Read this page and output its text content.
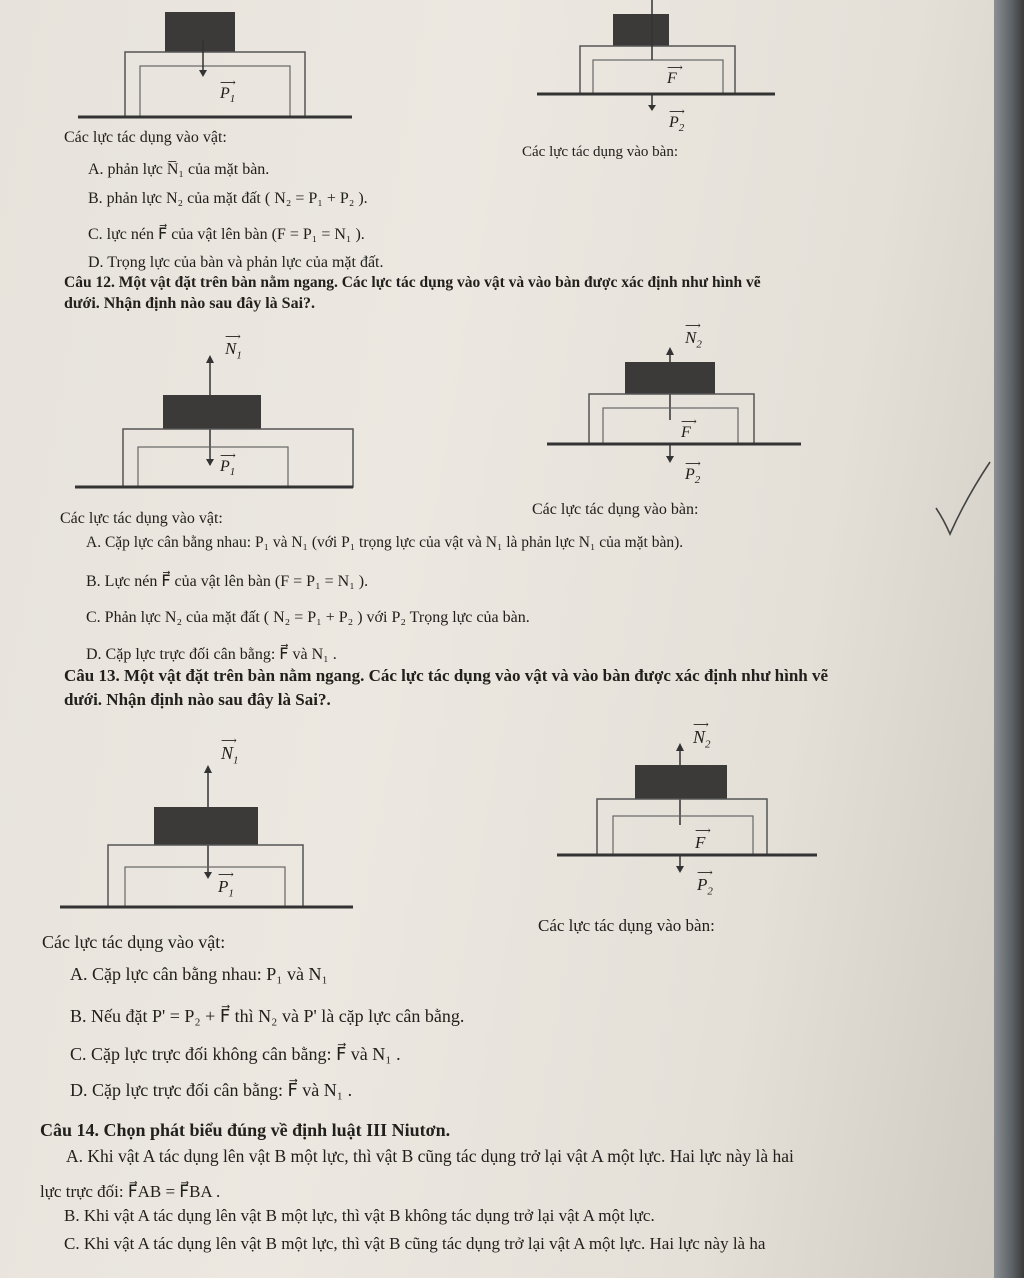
⟶
$P_1$
⟶
F
⟶
$P_2$
Các lực tác dụng vào vật:
Các lực tác dụng vào bàn:
A. phản lực N̅₁ của mặt bàn.
B. phản lực N₂ của mặt đất ( N₂ = P₁ + P₂ ).
C. lực nén F⃗ của vật lên bàn (F = P₁ = N₁ ).
D. Trọng lực của bàn và phản lực của mặt đất.
Câu 12. Một vật đặt trên bàn nằm ngang. Các lực tác dụng vào vật và vào bàn được xác định như hình vẽ
dưới. Nhận định nào sau đây là Sai?.
⟶
$N_1$
⟶
$P_1$
⟶
$N_2$
⟶
F
⟶
$P_2$
Các lực tác dụng vào vật:
Các lực tác dụng vào bàn:
A. Cặp lực cân bằng nhau: P₁ và N₁ (với P₁ trọng lực của vật và N₁ là phản lực N₁ của mặt bàn).
B. Lực nén F⃗ của vật lên bàn (F = P₁ = N₁ ).
C. Phản lực N₂ của mặt đất ( N₂ = P₁ + P₂ ) với P₂ Trọng lực của bàn.
D. Cặp lực trực đối cân bằng: F⃗ và N₁ .
Câu 13. Một vật đặt trên bàn nằm ngang. Các lực tác dụng vào vật và vào bàn được xác định như hình vẽ
dưới. Nhận định nào sau đây là Sai?.
⟶
$N_1$
⟶
$P_1$
⟶
$N_2$
⟶
F
⟶
$P_2$
Các lực tác dụng vào vật:
Các lực tác dụng vào bàn:
A. Cặp lực cân bằng nhau: P₁ và N₁
B. Nếu đặt P' = P₂ + F⃗ thì N₂ và P' là cặp lực cân bằng.
C. Cặp lực trực đối không cân bằng: F⃗ và N₁ .
D. Cặp lực trực đối cân bằng: F⃗ và N₁ .
Câu 14. Chọn phát biểu đúng về định luật III Niutơn.
A. Khi vật A tác dụng lên vật B một lực, thì vật B cũng tác dụng trở lại vật A một lực. Hai lực này là hai
lực trực đối: F⃗AB = F⃗BA .
B. Khi vật A tác dụng lên vật B một lực, thì vật B không tác dụng trở lại vật A một lực.
C. Khi vật A tác dụng lên vật B một lực, thì vật B cũng tác dụng trở lại vật A một lực. Hai lực này là ha
